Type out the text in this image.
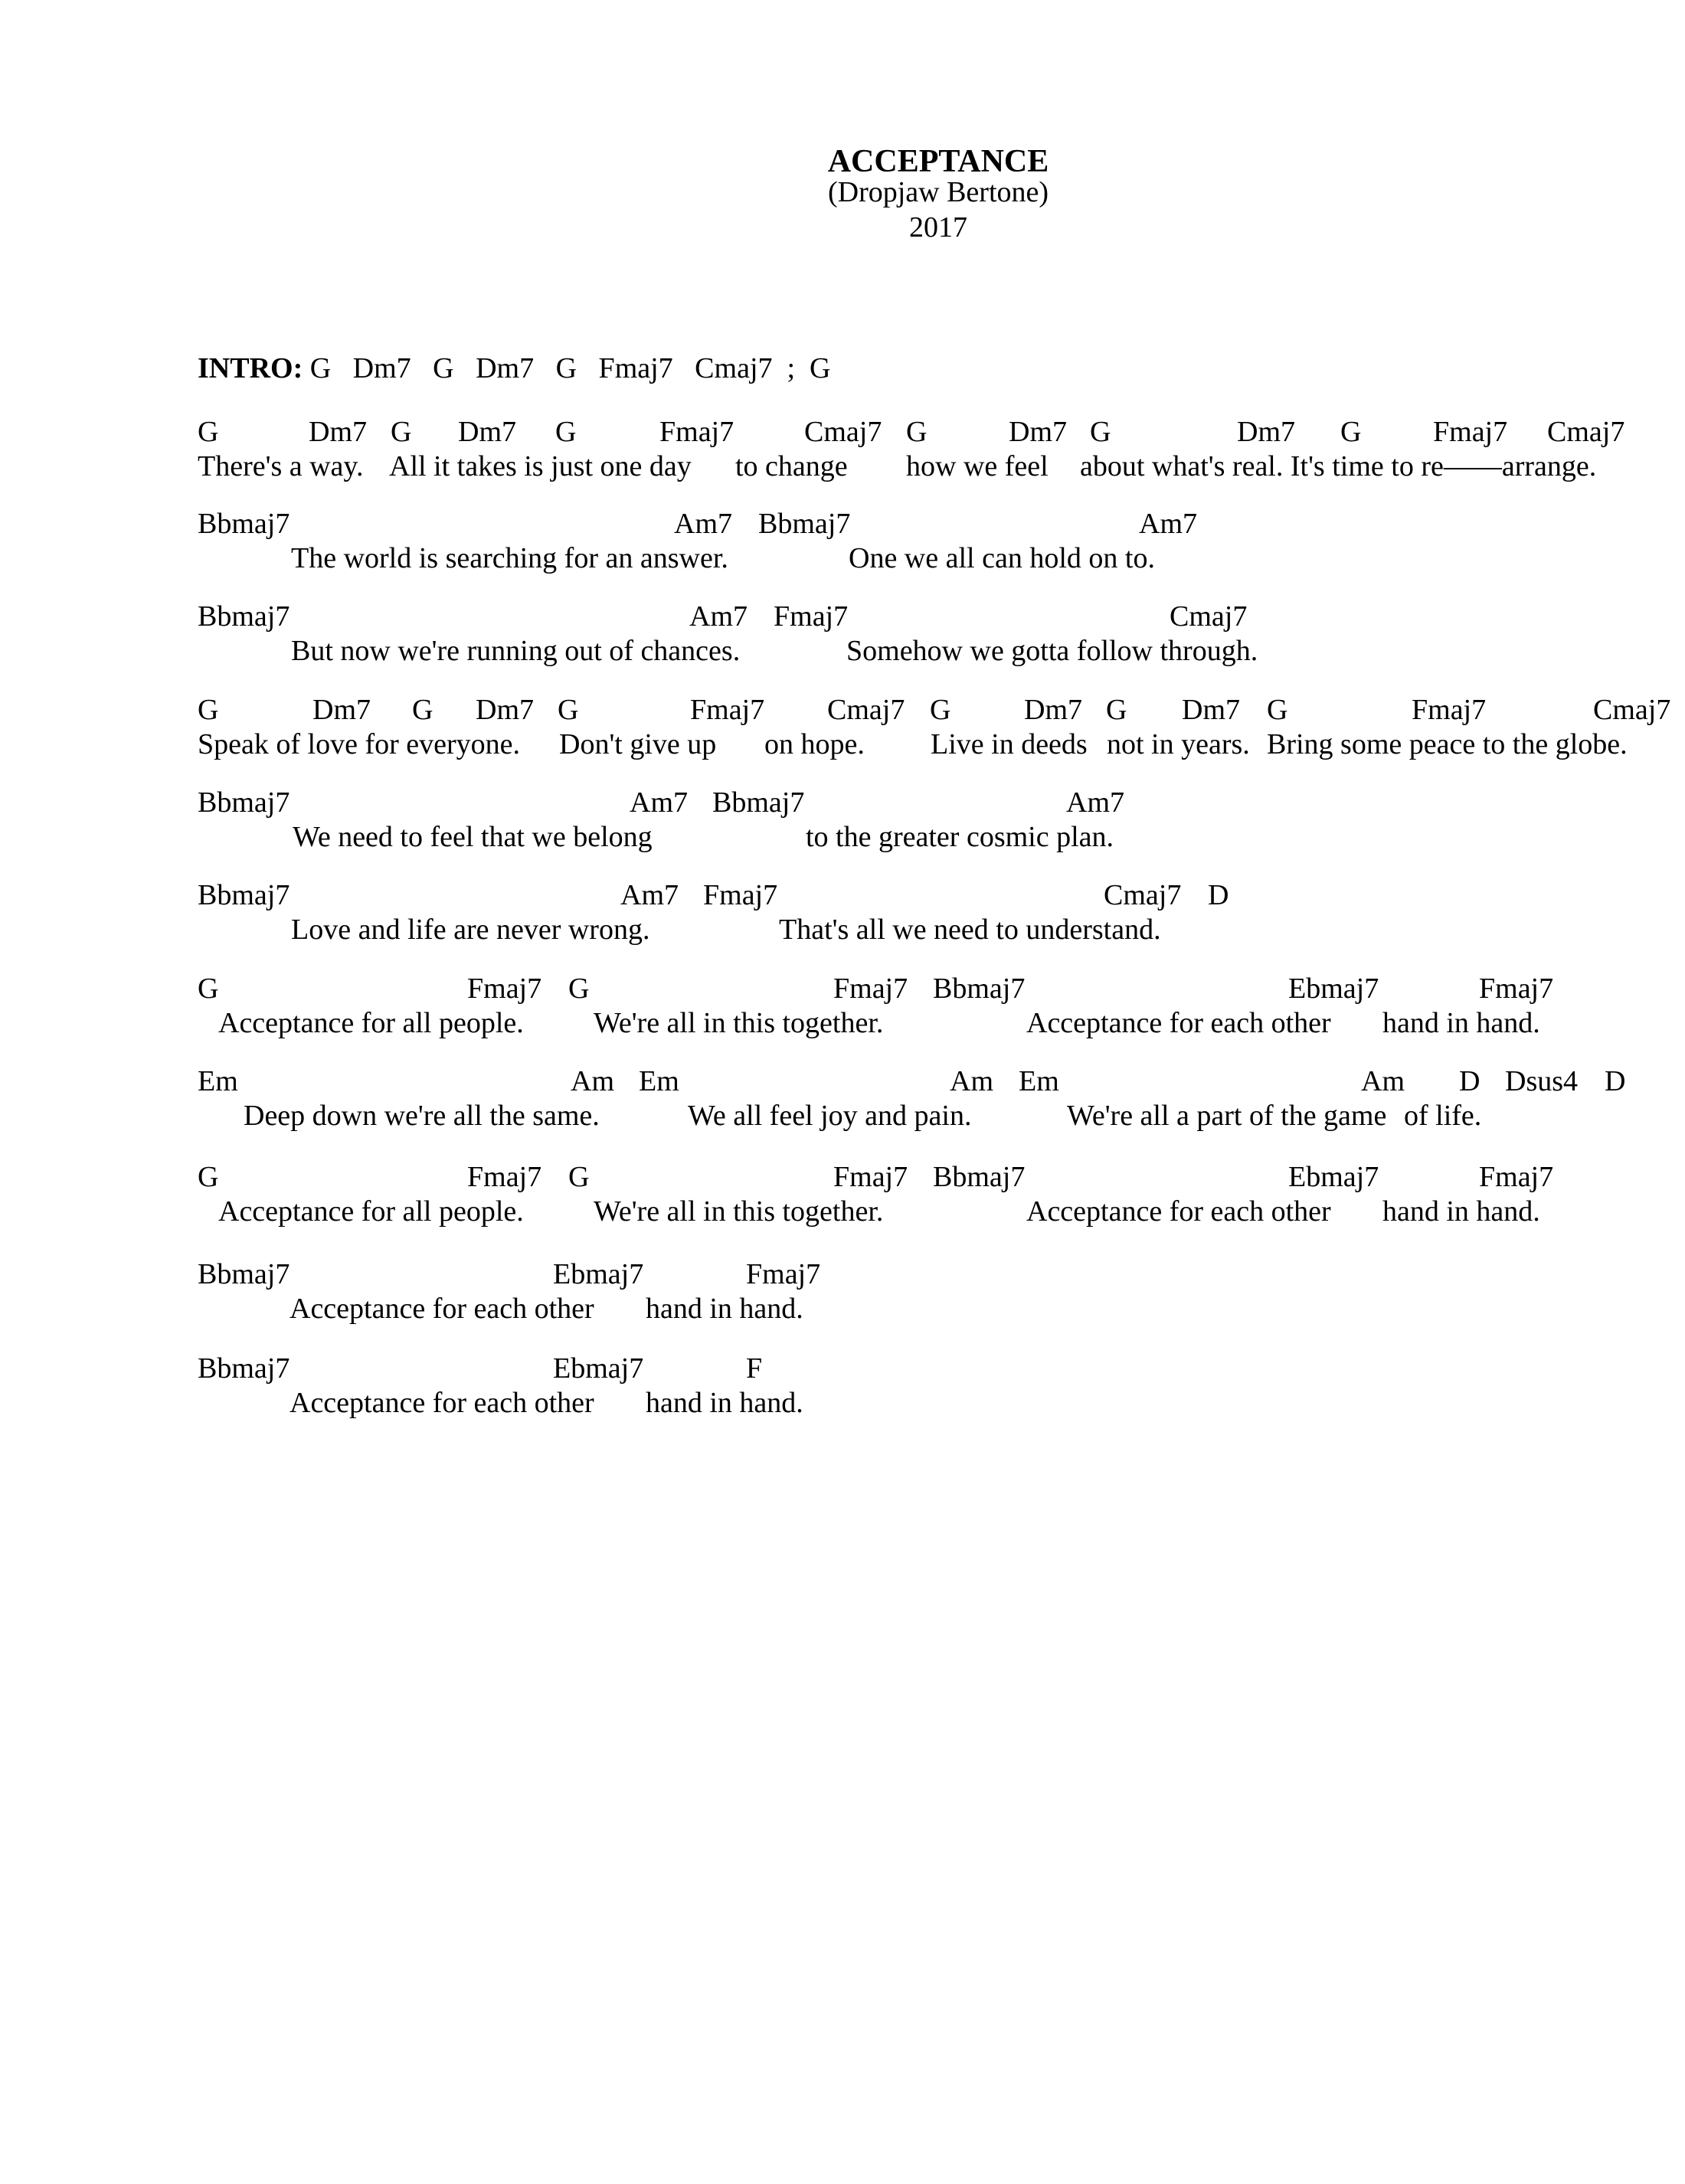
ACCEPTANCE
(Dropjaw Bertone)
2017
INTRO: G   Dm7   G   Dm7   G   Fmaj7   Cmaj7  ;  G

G

	Dm7

G

Dm7

G

	Fmaj7

Cmaj7

G

	Dm7

G

	Dm7

G

Fmaj7

Cmaj7

There's a way.

All it takes is just one day

to change

how we feel

about what's real. It's time to re——arrange.

Bbmaj7

	Am7

Bbmaj7

	Am7

The world is searching for an answer.

	One we all can hold on to.

Bbmaj7

	Am7

Fmaj7

	Cmaj7

But now we're running out of chances.

	Somehow we gotta follow through.

G

	Dm7

G

Dm7

G

	Fmaj7

Cmaj7

G

	Dm7

G

Dm7

G

	Fmaj7

	Cmaj7

Speak of love for everyone.

Don't give up

on hope.

Live in deeds

not in years.

Bring some peace to the globe.

Bbmaj7

	Am7

Bbmaj7

	Am7

We need to feel that we belong

	to the greater cosmic plan.

Bbmaj7

	Am7

Fmaj7

	Cmaj7

D

Love and life are never wrong.

	That's all we need to understand.

G

	Fmaj7

G

	Fmaj7

Bbmaj7

	Ebmaj7

	Fmaj7

Acceptance for all people.

We're all in this together.

	Acceptance for each other

hand in hand.

Em

	Am

Em

	Am

Em

	Am

D

Dsus4

D

Deep down we're all the same.

	We all feel joy and pain.

	We're all a part of the game

of life.

G

	Fmaj7

G

	Fmaj7

Bbmaj7

	Ebmaj7

	Fmaj7

Acceptance for all people.

We're all in this together.

	Acceptance for each other

hand in hand.

Bbmaj7

	Ebmaj7

	Fmaj7

Acceptance for each other

hand in hand.

Bbmaj7

	Ebmaj7

	F

Acceptance for each other

hand in hand.
